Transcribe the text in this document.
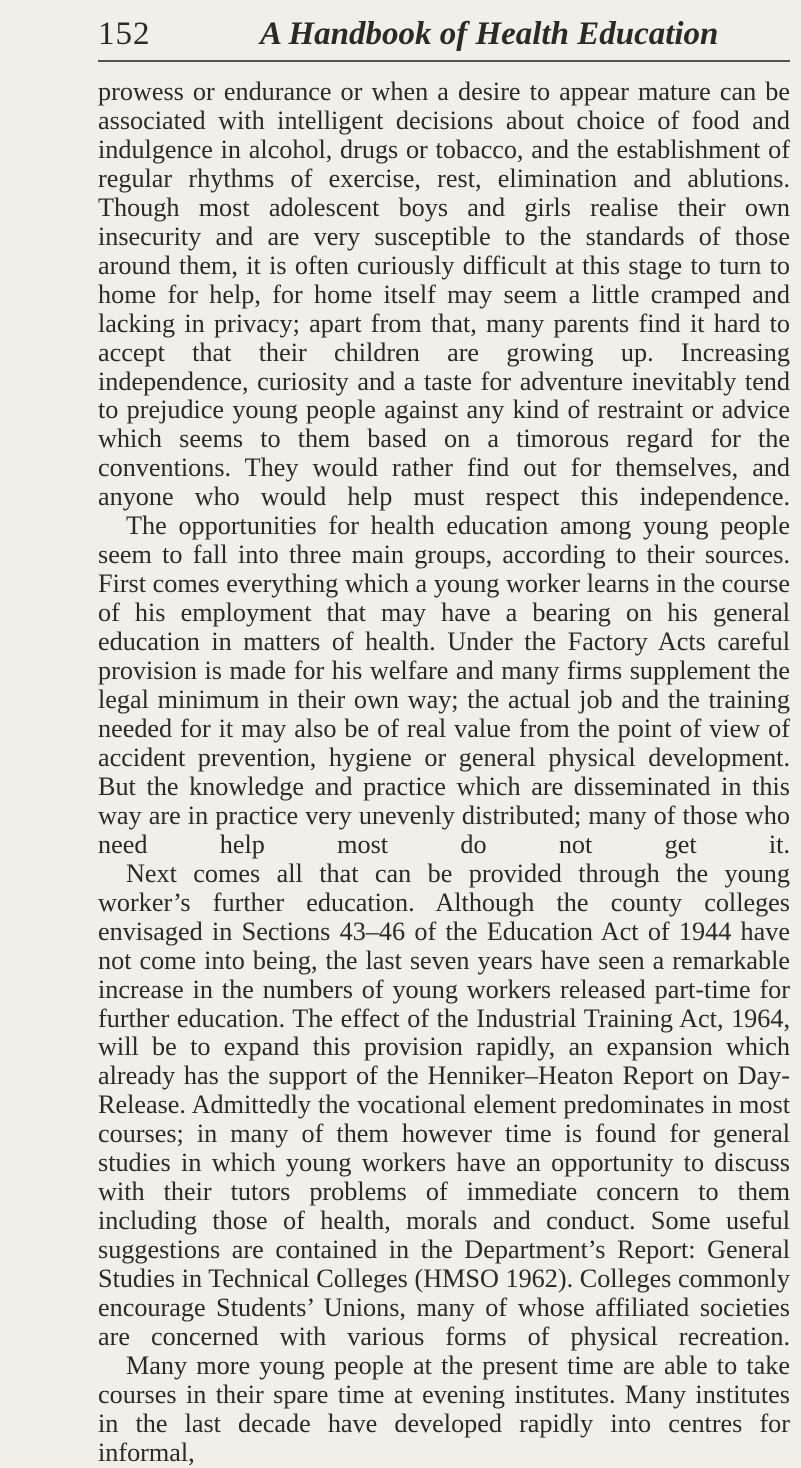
152	A Handbook of Health Education

prowess or endurance or when a desire to appear mature can be associated with intelligent decisions about choice of food and indulgence in alcohol, drugs or tobacco, and the establishment of regular rhythms of exercise, rest, elimination and ablutions. Though most adolescent boys and girls realise their own insecurity and are very susceptible to the standards of those around them, it is often curiously difficult at this stage to turn to home for help, for home itself may seem a little cramped and lacking in privacy; apart from that, many parents find it hard to accept that their children are growing up. Increasing independence, curiosity and a taste for adventure inevitably tend to prejudice young people against any kind of restraint or advice which seems to them based on a timorous regard for the conventions. They would rather find out for themselves, and anyone who would help must respect this independence.

The opportunities for health education among young people seem to fall into three main groups, according to their sources. First comes everything which a young worker learns in the course of his employment that may have a bearing on his general education in matters of health. Under the Factory Acts careful provision is made for his welfare and many firms supplement the legal minimum in their own way; the actual job and the training needed for it may also be of real value from the point of view of accident prevention, hygiene or general physical development. But the knowledge and practice which are disseminated in this way are in practice very unevenly distributed; many of those who need help most do not get it.

Next comes all that can be provided through the young worker’s further education. Although the county colleges envisaged in Sections 43–46 of the Education Act of 1944 have not come into being, the last seven years have seen a remarkable increase in the numbers of young workers released part-time for further education. The effect of the Industrial Training Act, 1964, will be to expand this provision rapidly, an expansion which already has the support of the Henniker–Heaton Report on Day-Release. Admittedly the vocational element predominates in most courses; in many of them however time is found for general studies in which young workers have an opportunity to discuss with their tutors problems of immediate concern to them including those of health, morals and conduct. Some useful suggestions are contained in the Department’s Report: General Studies in Technical Colleges (HMSO 1962). Colleges commonly encourage Students’ Unions, many of whose affiliated societies are concerned with various forms of physical recreation.

Many more young people at the present time are able to take courses in their spare time at evening institutes. Many institutes in the last decade have developed rapidly into centres for informal,
